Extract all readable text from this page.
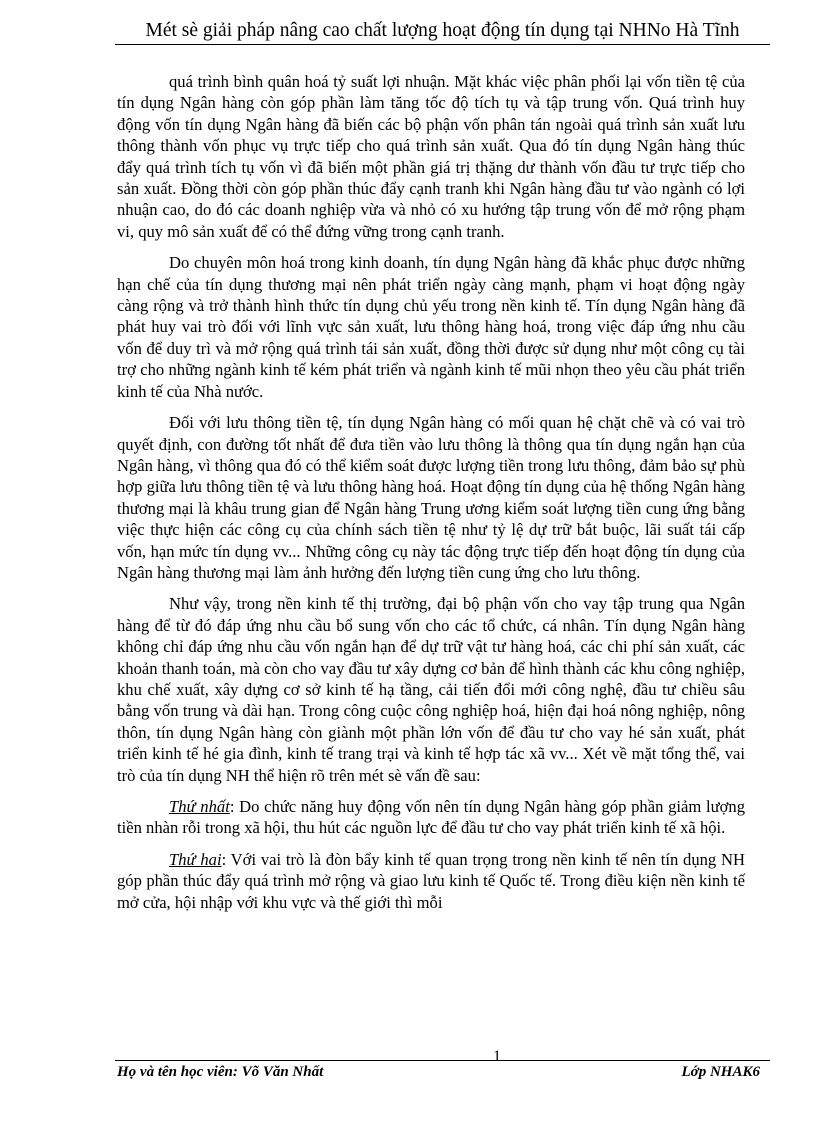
Mét sè giải pháp nâng cao chất lượng hoạt động tín dụng tại NHNo Hà Tĩnh

quá trình bình quân hoá tỷ suất lợi nhuận. Mặt khác việc phân phối lại vốn tiền tệ của tín dụng Ngân hàng còn góp phần làm tăng tốc độ tích tụ và tập trung vốn. Quá trình huy động vốn tín dụng Ngân hàng đã biến các bộ phận vốn phân tán ngoài quá trình sản xuất lưu thông thành vốn phục vụ trực tiếp cho quá trình sản xuất. Qua đó tín dụng Ngân hàng thúc đẩy quá trình tích tụ vốn vì đã biến một phần giá trị thặng dư thành vốn đầu tư trực tiếp cho sản xuất. Đồng thời còn góp phần thúc đẩy cạnh tranh khi Ngân hàng đầu tư vào ngành có lợi nhuận cao, do đó các doanh nghiệp vừa và nhỏ có xu hướng tập trung vốn để mở rộng phạm vi, quy mô sản xuất để có thể đứng vững trong cạnh tranh.

Do chuyên môn hoá trong kinh doanh, tín dụng Ngân hàng đã khắc phục được những hạn chế của tín dụng thương mại nên phát triển ngày càng mạnh, phạm vi hoạt động ngày càng rộng và trở thành hình thức tín dụng chủ yếu trong nền kinh tế. Tín dụng Ngân hàng đã phát huy vai trò đối với lĩnh vực sản xuất, lưu thông hàng hoá, trong việc đáp ứng nhu cầu vốn để duy trì và mở rộng quá trình tái sản xuất, đồng thời được sử dụng như một công cụ tài trợ cho những ngành kinh tế kém phát triển và ngành kinh tế mũi nhọn theo yêu cầu phát triển kinh tế của Nhà nước.

Đối với lưu thông tiền tệ, tín dụng Ngân hàng có mối quan hệ chặt chẽ và có vai trò quyết định, con đường tốt nhất để đưa tiền vào lưu thông là thông qua tín dụng ngắn hạn của Ngân hàng, vì thông qua đó có thể kiểm soát được lượng tiền trong lưu thông, đảm bảo sự phù hợp giữa lưu thông tiền tệ và lưu thông hàng hoá. Hoạt động tín dụng của hệ thống Ngân hàng thương mại là khâu trung gian để Ngân hàng Trung ương kiểm soát lượng tiền cung ứng bằng việc thực hiện các công cụ của chính sách tiền tệ như tỷ lệ dự trữ bắt buộc, lãi suất tái cấp vốn, hạn mức tín dụng vv... Những công cụ này tác động trực tiếp đến hoạt động tín dụng của Ngân hàng thương mại làm ảnh hưởng đến lượng tiền cung ứng cho lưu thông.

Như vậy, trong nền kinh tế thị trường, đại bộ phận vốn cho vay tập trung qua Ngân hàng để từ đó đáp ứng nhu cầu bổ sung vốn cho các tổ chức, cá nhân. Tín dụng Ngân hàng không chỉ đáp ứng nhu cầu vốn ngắn hạn để dự trữ vật tư hàng hoá, các chi phí sản xuất, các khoản thanh toán, mà còn cho vay đầu tư xây dựng cơ bản để hình thành các khu công nghiệp, khu chế xuất, xây dựng cơ sở kinh tế hạ tầng, cải tiến đổi mới công nghệ, đầu tư chiều sâu bằng vốn trung và dài hạn. Trong công cuộc công nghiệp hoá, hiện đại hoá nông nghiệp, nông thôn, tín dụng Ngân hàng còn giành một phần lớn vốn để đầu tư cho vay hé sản xuất, phát triển kinh tế hé gia đình, kinh tế trang trại và kinh tế hợp tác xã vv... Xét về mặt tổng thể, vai trò của tín dụng NH thể hiện rõ trên mét sè vấn đề sau:

Thứ nhất: Do chức năng huy động vốn nên tín dụng Ngân hàng góp phần giảm lượng tiền nhàn rỗi trong xã hội, thu hút các nguồn lực để đầu tư cho vay phát triển kinh tế xã hội.

Thứ hai: Với vai trò là đòn bẩy kinh tế quan trọng trong nền kinh tế nên tín dụng NH góp phần thúc đẩy quá trình mở rộng và giao lưu kinh tế Quốc tế. Trong điều kiện nền kinh tế mở cửa, hội nhập với khu vực và thế giới thì mỗi

1
Họ và tên học viên: Võ Văn Nhất	Lớp NHAK6
